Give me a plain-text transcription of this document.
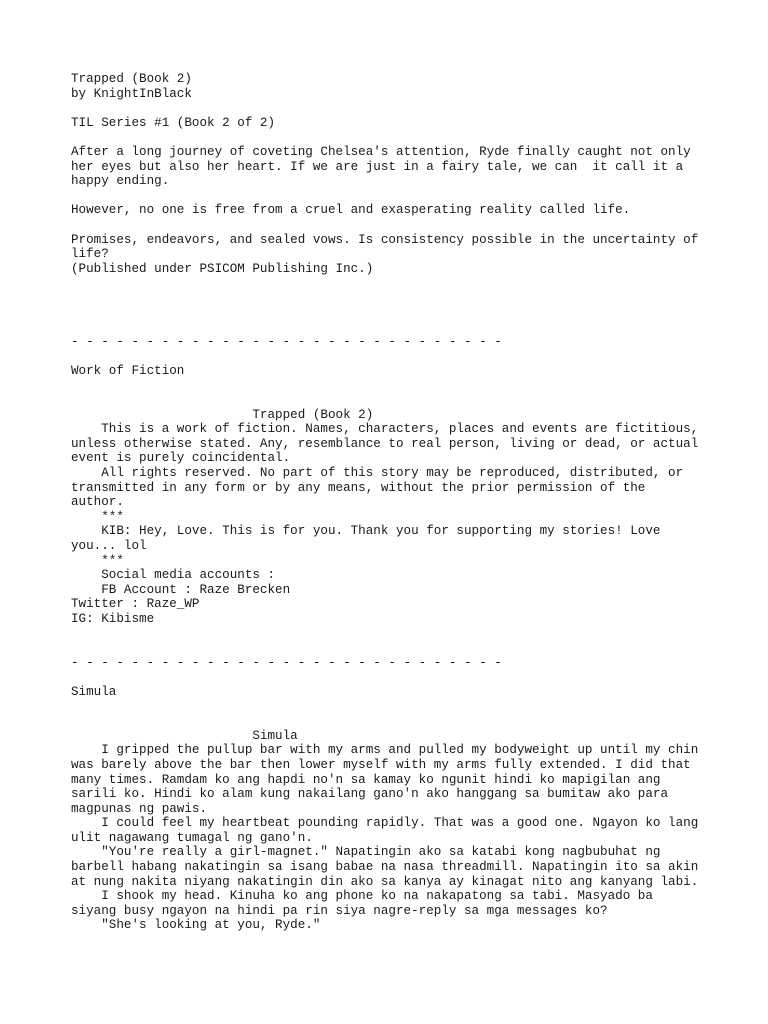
Trapped (Book 2)
by KnightInBlack
TIL Series #1 (Book 2 of 2)
After a long journey of coveting Chelsea's attention, Ryde finally caught not only
her eyes but also her heart. If we are just in a fairy tale, we can  it call it a
happy ending.
However, no one is free from a cruel and exasperating reality called life.
Promises, endeavors, and sealed vows. Is consistency possible in the uncertainty of
life?
(Published under PSICOM Publishing Inc.)
- - - - - - - - - - - - - - - - - - - - - - - - - - - - -
Work of Fiction
Trapped (Book 2)
This is a work of fiction. Names, characters, places and events are fictitious,
unless otherwise stated. Any, resemblance to real person, living or dead, or actual
event is purely coincidental.
All rights reserved. No part of this story may be reproduced, distributed, or
transmitted in any form or by any means, without the prior permission of the
author.
***
KIB: Hey, Love. This is for you. Thank you for supporting my stories! Love
you... lol
***
Social media accounts :
FB Account : Raze Brecken
Twitter : Raze_WP
IG: Kibisme
- - - - - - - - - - - - - - - - - - - - - - - - - - - - -
Simula
Simula
I gripped the pullup bar with my arms and pulled my bodyweight up until my chin
was barely above the bar then lower myself with my arms fully extended. I did that
many times. Ramdam ko ang hapdi no'n sa kamay ko ngunit hindi ko mapigilan ang
sarili ko. Hindi ko alam kung nakailang gano'n ako hanggang sa bumitaw ako para
magpunas ng pawis.
I could feel my heartbeat pounding rapidly. That was a good one. Ngayon ko lang
ulit nagawang tumagal ng gano'n.
"You're really a girl-magnet." Napatingin ako sa katabi kong nagbubuhat ng
barbell habang nakatingin sa isang babae na nasa threadmill. Napatingin ito sa akin
at nung nakita niyang nakatingin din ako sa kanya ay kinagat nito ang kanyang labi.
I shook my head. Kinuha ko ang phone ko na nakapatong sa tabi. Masyado ba
siyang busy ngayon na hindi pa rin siya nagre-reply sa mga messages ko?
"She's looking at you, Ryde."
